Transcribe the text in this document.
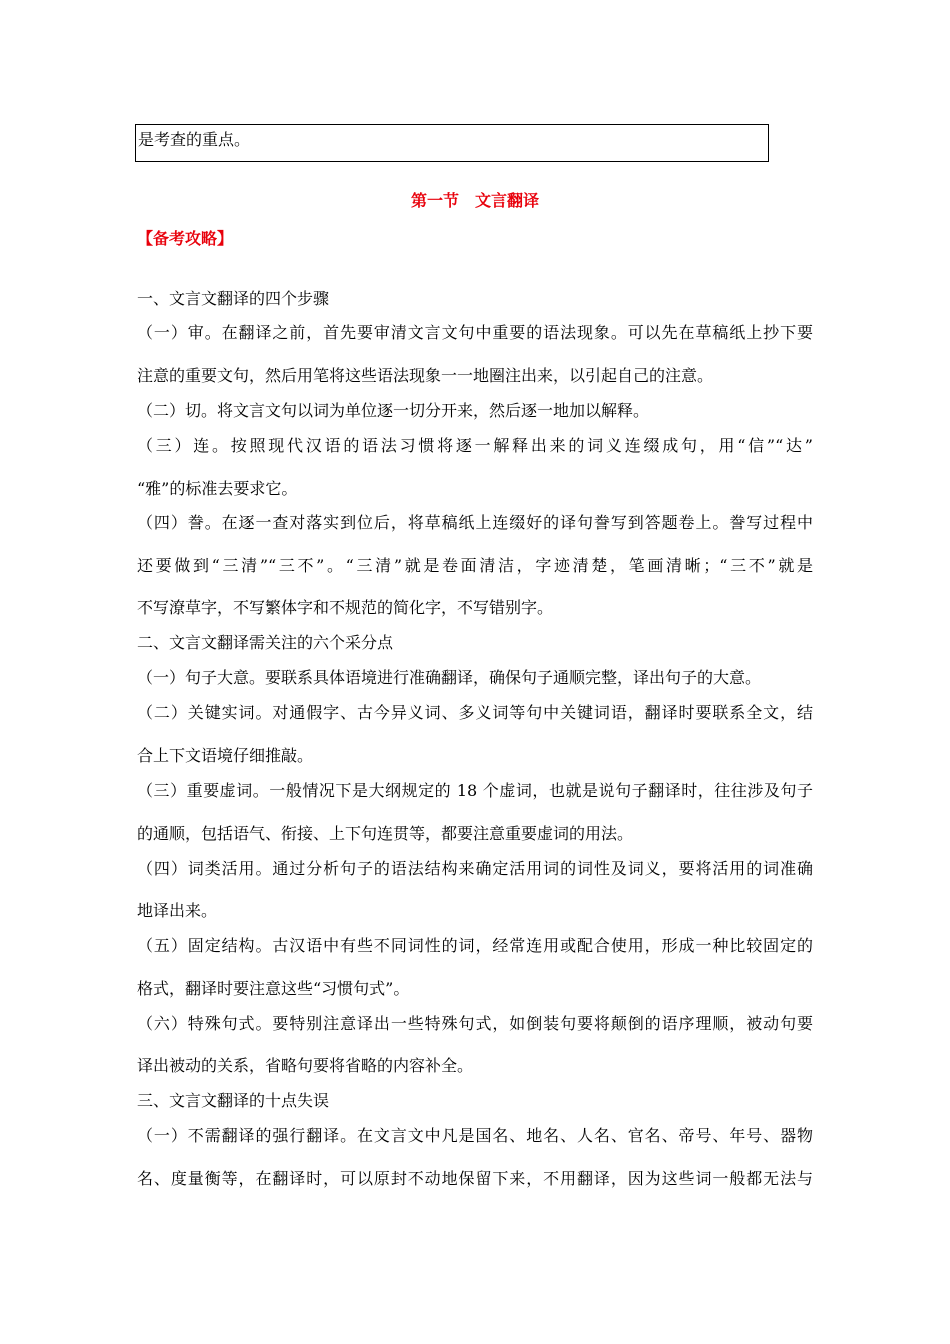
是考查的重点。
第一节　文言翻译
【备考攻略】
一、文言文翻译的四个步骤
（一）审。在翻译之前，首先要审清文言文句中重要的语法现象。可以先在草稿纸上抄下要
注意的重要文句，然后用笔将这些语法现象一一地圈注出来，以引起自己的注意。
（二）切。将文言文句以词为单位逐一切分开来，然后逐一地加以解释。
（三）连。按照现代汉语的语法习惯将逐一解释出来的词义连缀成句，用“信”“达”
“雅”的标准去要求它。
（四）誊。在逐一查对落实到位后，将草稿纸上连缀好的译句誊写到答题卷上。誊写过程中
还要做到“三清”“三不”。“三清”就是卷面清洁，字迹清楚，笔画清晰；“三不”就是
不写潦草字，不写繁体字和不规范的简化字，不写错别字。
二、文言文翻译需关注的六个采分点
（一）句子大意。要联系具体语境进行准确翻译，确保句子通顺完整，译出句子的大意。
（二）关键实词。对通假字、古今异义词、多义词等句中关键词语，翻译时要联系全文，结
合上下文语境仔细推敲。
（三）重要虚词。一般情况下是大纲规定的 18 个虚词，也就是说句子翻译时，往往涉及句子
的通顺，包括语气、衔接、上下句连贯等，都要注意重要虚词的用法。
（四）词类活用。通过分析句子的语法结构来确定活用词的词性及词义，要将活用的词准确
地译出来。
（五）固定结构。古汉语中有些不同词性的词，经常连用或配合使用，形成一种比较固定的
格式，翻译时要注意这些“习惯句式”。
（六）特殊句式。要特别注意译出一些特殊句式，如倒装句要将颠倒的语序理顺，被动句要
译出被动的关系，省略句要将省略的内容补全。
三、文言文翻译的十点失误
（一）不需翻译的强行翻译。在文言文中凡是国名、地名、人名、官名、帝号、年号、器物
名、度量衡等，在翻译时，可以原封不动地保留下来，不用翻译，因为这些词一般都无法与
